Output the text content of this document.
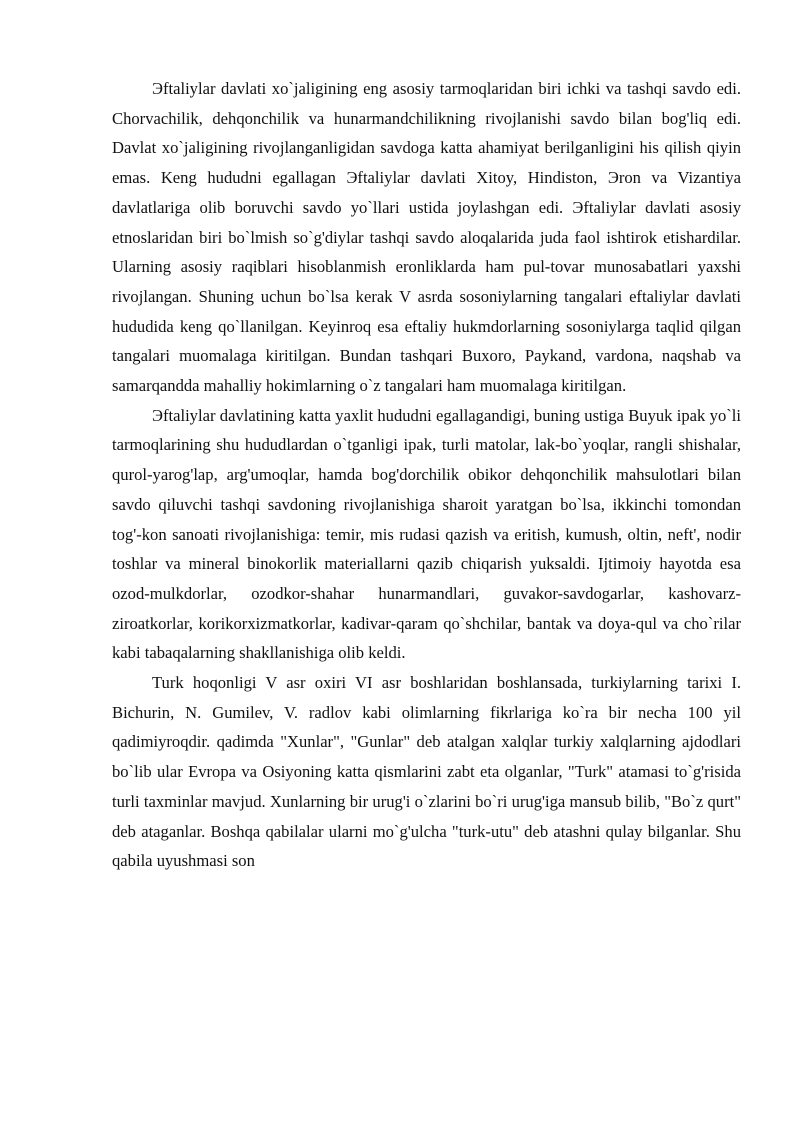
Эftaliylar davlati xo`jaligining eng asosiy tarmoqlaridan biri ichki va tashqi savdo edi. Chorvachilik, dehqonchilik va hunarmandchilikning rivojlanishi savdo bilan bog'liq edi. Davlat xo`jaligining rivojlanganligidan savdoga katta ahamiyat berilganligini his qilish qiyin emas. Keng hududni egallagan Эftaliylar davlati Xitoy, Hindiston, Эron va Vizantiya davlatlariga olib boruvchi savdo yo`llari ustida joylashgan edi. Эftaliylar davlati asosiy etnoslaridan biri bo`lmish so`g'diylar tashqi savdo aloqalarida juda faol ishtirok etishardilar. Ularning asosiy raqiblari hisoblanmish eronliklarda ham pul-tovar munosabatlari yaxshi rivojlangan. Shuning uchun bo`lsa kerak V asrda sosoniylarning tangalari eftaliylar davlati hududida keng qo`llanilgan. Keyinroq esa eftaliy hukmdorlarning sosoniylarga taqlid qilgan tangalari muomalaga kiritilgan. Bundan tashqari Buxoro, Paykand, vardona, naqshab va samarqandda mahalliy hokimlarning o`z tangalari ham muomalaga kiritilgan.

Эftaliylar davlatining katta yaxlit hududni egallagandigi, buning ustiga Buyuk ipak yo`li tarmoqlarining shu hududlardan o`tganligi ipak, turli matolar, lak-bo`yoqlar, rangli shishalar, qurol-yarog'lap, arg'umoqlar, hamda bog'dorchilik obikor dehqonchilik mahsulotlari bilan savdo qiluvchi tashqi savdoning rivojlanishiga sharoit yaratgan bo`lsa, ikkinchi tomondan tog'-kon sanoati rivojlanishiga: temir, mis rudasi qazish va eritish, kumush, oltin, neft', nodir toshlar va mineral binokorlik materiallarni qazib chiqarish yuksaldi. Ijtimoiy hayotda esa ozod-mulkdorlar, ozodkor-shahar hunarmandlari, guvakor-savdogarlar, kashovarz-ziroatkorlar, korikorxizmatkorlar, kadivar-qaram qo`shchilar, bantak va doya-qul va cho`rilar kabi tabaqalarning shakllanishiga olib keldi.

Turk hoqonligi V asr oxiri VI asr boshlaridan boshlansada, turkiylarning tarixi I. Bichurin, N. Gumilev, V. radlov kabi olimlarning fikrlariga ko`ra bir necha 100 yil qadimiyroqdir. qadimda "Xunlar", "Gunlar" deb atalgan xalqlar turkiy xalqlarning ajdodlari bo`lib ular Evropa va Osiyoning katta qismlarini zabt eta olganlar, "Turk" atamasi to`g'risida turli taxminlar mavjud. Xunlarning bir urug'i o`zlarini bo`ri urug'iga mansub bilib, "Bo`z qurt" deb ataganlar. Boshqa qabilalar ularni mo`g'ulcha "turk-utu" deb atashni qulay bilganlar. Shu qabila uyushmasi son
